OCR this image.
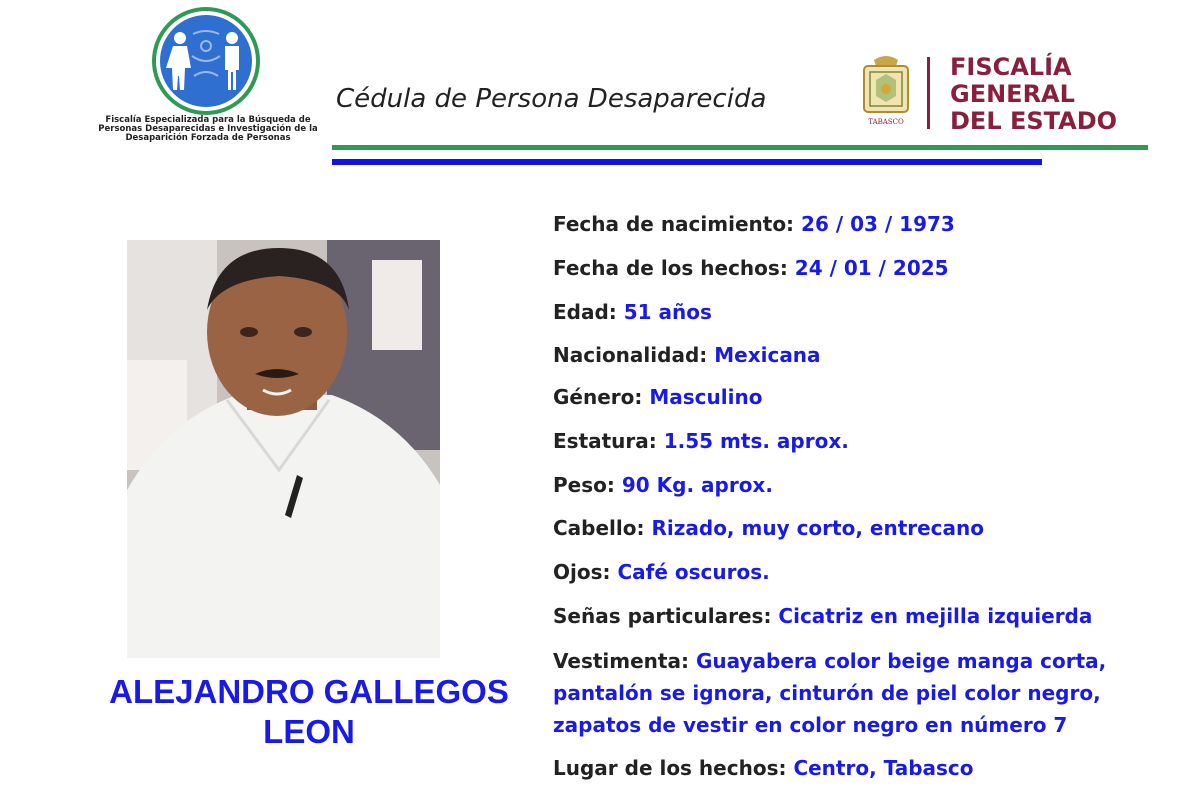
Fiscalía Especializada para la Búsqueda de Personas Desaparecidas e Investigación de la Desaparición Forzada de Personas
Cédula de Persona Desaparecida
TABASCO
FISCALÍA
GENERAL
DEL ESTADO
ALEJANDRO GALLEGOS
LEON
Fecha de nacimiento: 26 / 03 / 1973
Fecha de los hechos: 24 / 01 / 2025
Edad: 51 años
Nacionalidad: Mexicana
Género: Masculino
Estatura: 1.55 mts. aprox.
Peso: 90 Kg. aprox.
Cabello: Rizado, muy corto, entrecano
Ojos: Café oscuros.
Señas particulares: Cicatriz en mejilla izquierda
Vestimenta: Guayabera color beige manga corta,
pantalón se ignora, cinturón de piel color negro,
zapatos de vestir en color negro en número 7
Lugar de los hechos: Centro, Tabasco
